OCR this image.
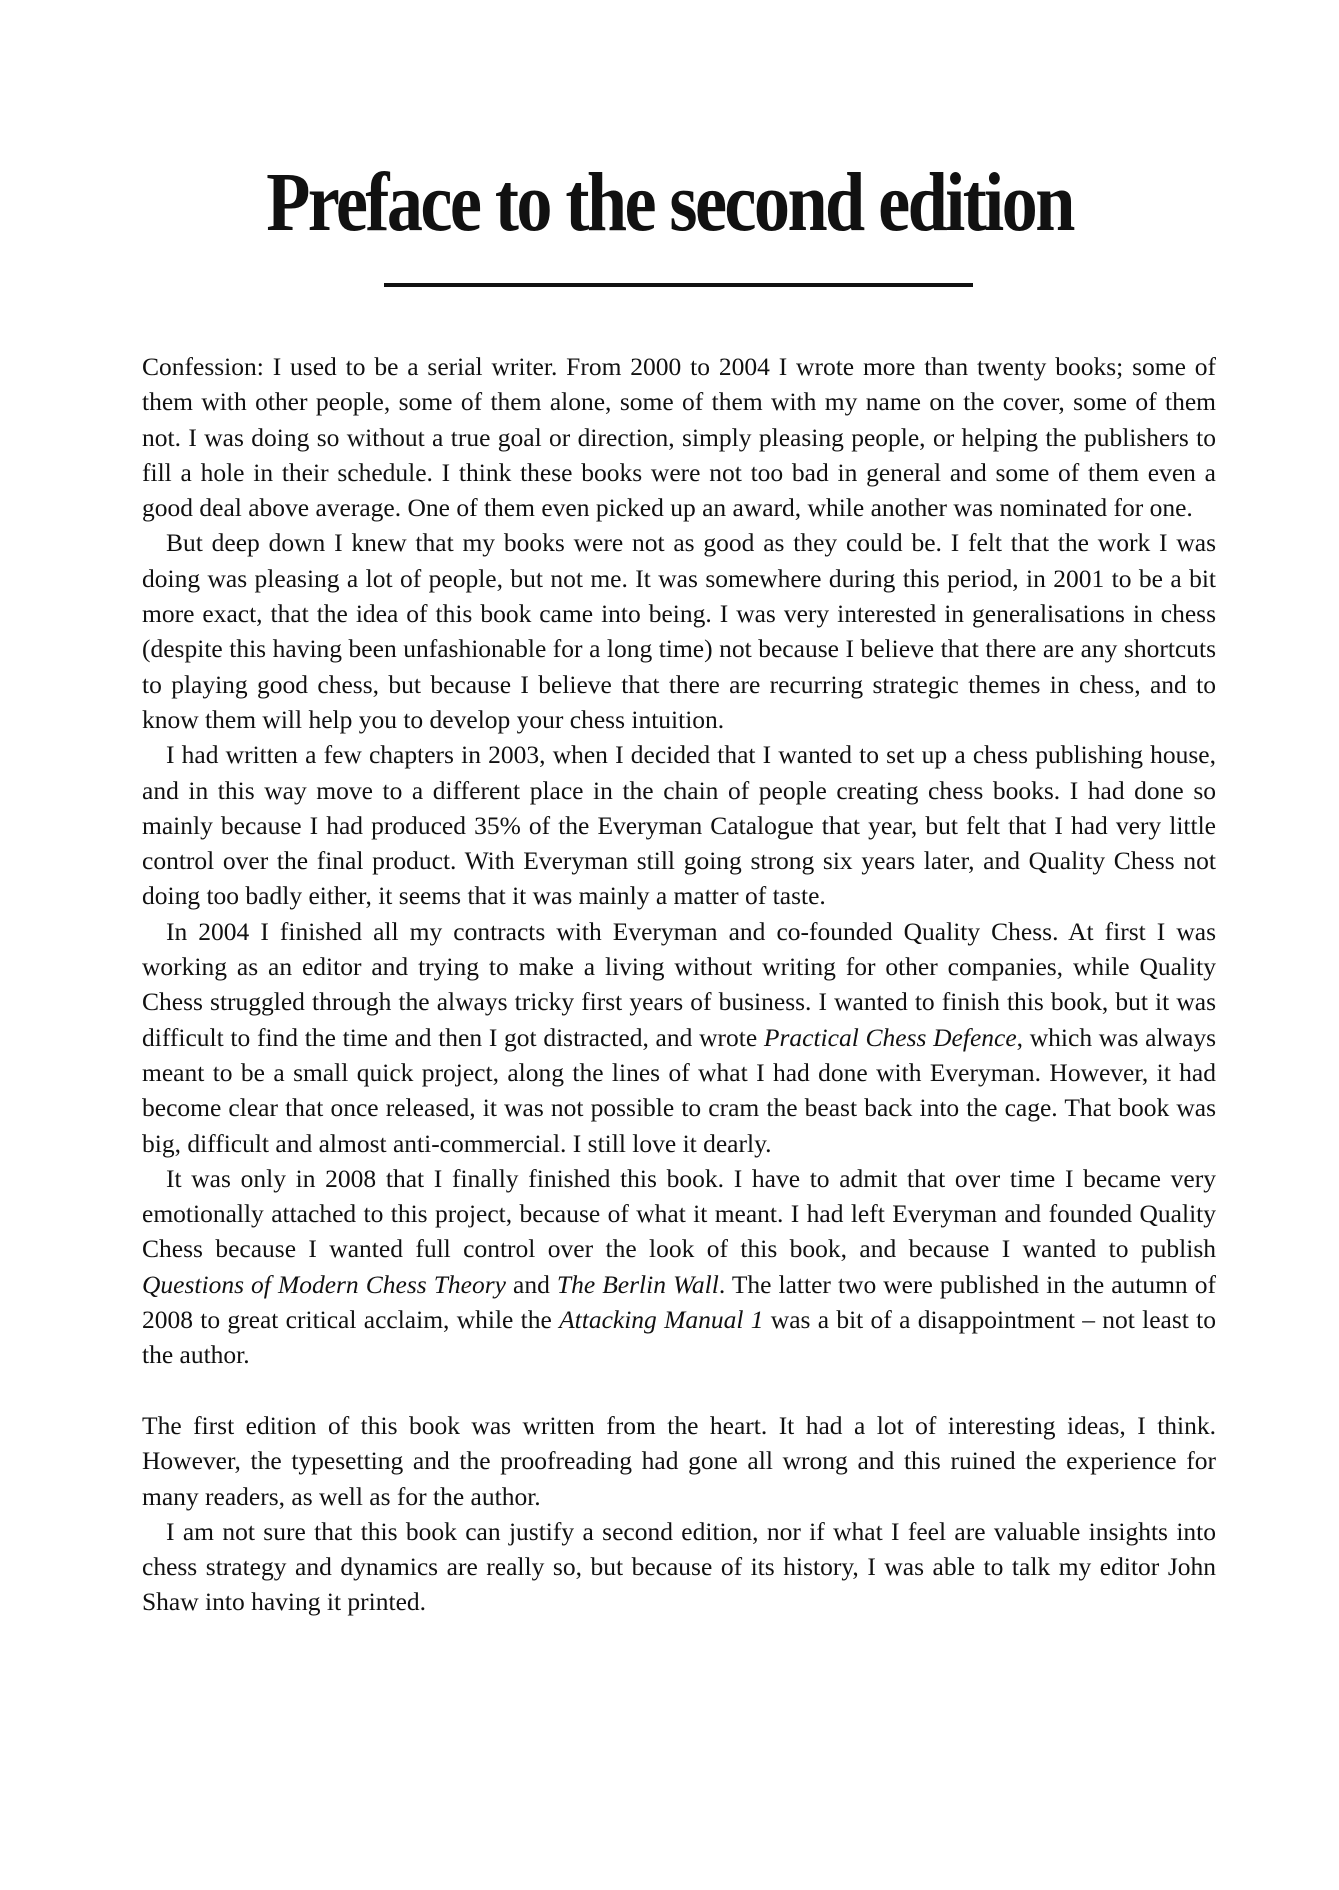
Preface to the second edition

Confession: I used to be a serial writer. From 2000 to 2004 I wrote more than twenty books; some of them with other people, some of them alone, some of them with my name on the cover, some of them not. I was doing so without a true goal or direction, simply pleasing people, or helping the publishers to fill a hole in their schedule. I think these books were not too bad in general and some of them even a good deal above average. One of them even picked up an award, while another was nominated for one.

But deep down I knew that my books were not as good as they could be. I felt that the work I was doing was pleasing a lot of people, but not me. It was somewhere during this period, in 2001 to be a bit more exact, that the idea of this book came into being. I was very interested in generalisations in chess (despite this having been unfashionable for a long time) not because I believe that there are any shortcuts to playing good chess, but because I believe that there are recurring strategic themes in chess, and to know them will help you to develop your chess intuition.

I had written a few chapters in 2003, when I decided that I wanted to set up a chess publishing house, and in this way move to a different place in the chain of people creating chess books. I had done so mainly because I had produced 35% of the Everyman Catalogue that year, but felt that I had very little control over the final product. With Everyman still going strong six years later, and Quality Chess not doing too badly either, it seems that it was mainly a matter of taste.

In 2004 I finished all my contracts with Everyman and co-founded Quality Chess. At first I was working as an editor and trying to make a living without writing for other companies, while Quality Chess struggled through the always tricky first years of business. I wanted to finish this book, but it was difficult to find the time and then I got distracted, and wrote Practical Chess Defence, which was always meant to be a small quick project, along the lines of what I had done with Everyman. However, it had become clear that once released, it was not possible to cram the beast back into the cage. That book was big, difficult and almost anti-commercial. I still love it dearly.

It was only in 2008 that I finally finished this book. I have to admit that over time I became very emotionally attached to this project, because of what it meant. I had left Everyman and founded Quality Chess because I wanted full control over the look of this book, and because I wanted to publish Questions of Modern Chess Theory and The Berlin Wall. The latter two were published in the autumn of 2008 to great critical acclaim, while the Attacking Manual 1 was a bit of a disappointment – not least to the author.

The first edition of this book was written from the heart. It had a lot of interesting ideas, I think. However, the typesetting and the proofreading had gone all wrong and this ruined the experience for many readers, as well as for the author.

I am not sure that this book can justify a second edition, nor if what I feel are valuable insights into chess strategy and dynamics are really so, but because of its history, I was able to talk my editor John Shaw into having it printed.
